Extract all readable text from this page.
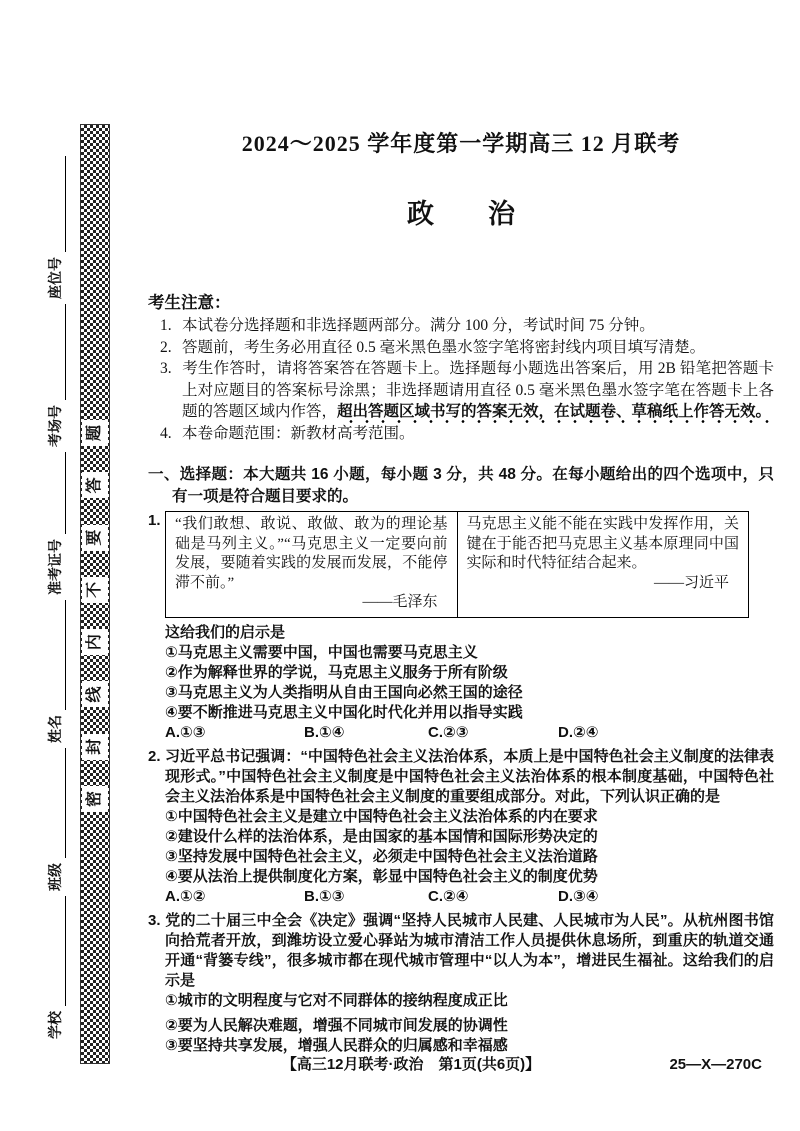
学校
班级
姓名
准考证号
考场号
座位号
密
封
线
内
不
要
答
题
2024～2025 学年度第一学期高三 12 月联考
政　　治
考生注意：
1. 本试卷分选择题和非选择题两部分。满分 100 分，考试时间 75 分钟。
2. 答题前，考生务必用直径 0.5 毫米黑色墨水签字笔将密封线内项目填写清楚。
3. 考生作答时，请将答案答在答题卡上。选择题每小题选出答案后，用 2B 铅笔把答题卡上对应题目的答案标号涂黑；非选择题请用直径 0.5 毫米黑色墨水签字笔在答题卡上各题的答题区域内作答，超出答题区域书写的答案无效，在试题卷、草稿纸上作答无效。
4. 本卷命题范围：新教材高考范围。
一、选择题：本大题共 16 小题，每小题 3 分，共 48 分。在每小题给出的四个选项中，只有一项是符合题目要求的。
1. “我们敢想、敢说、敢做、敢为的理论基础是马列主义。”“马克思主义一定要向前发展，要随着实践的发展而发展，不能停滞不前。”
——毛泽东
	马克思主义能不能在实践中发挥作用，关键在于能否把马克思主义基本原理同中国实际和时代特征结合起来。
——习近平
这给我们的启示是
①马克思主义需要中国，中国也需要马克思主义
②作为解释世界的学说，马克思主义服务于所有阶级
③马克思主义为人类指明从自由王国向必然王国的途径
④要不断推进马克思主义中国化时代化并用以指导实践
A.①③	B.①④	C.②③	D.②④
2. 习近平总书记强调：“中国特色社会主义法治体系，本质上是中国特色社会主义制度的法律表现形式。”中国特色社会主义制度是中国特色社会主义法治体系的根本制度基础，中国特色社会主义法治体系是中国特色社会主义制度的重要组成部分。对此，下列认识正确的是
①中国特色社会主义是建立中国特色社会主义法治体系的内在要求
②建设什么样的法治体系，是由国家的基本国情和国际形势决定的
③坚持发展中国特色社会主义，必须走中国特色社会主义法治道路
④要从法治上提供制度化方案，彰显中国特色社会主义的制度优势
A.①②	B.①③	C.②④	D.③④
3. 党的二十届三中全会《决定》强调“坚持人民城市人民建、人民城市为人民”。从杭州图书馆向拾荒者开放，到潍坊设立爱心驿站为城市清洁工作人员提供休息场所，到重庆的轨道交通开通“背篓专线”，很多城市都在现代城市管理中“以人为本”，增进民生福祉。这给我们的启示是
①城市的文明程度与它对不同群体的接纳程度成正比
②要为人民解决难题，增强不同城市间发展的协调性
③要坚持共享发展，增强人民群众的归属感和幸福感
【高三12月联考·政治　第1页(共6页)】	25—X—270C
